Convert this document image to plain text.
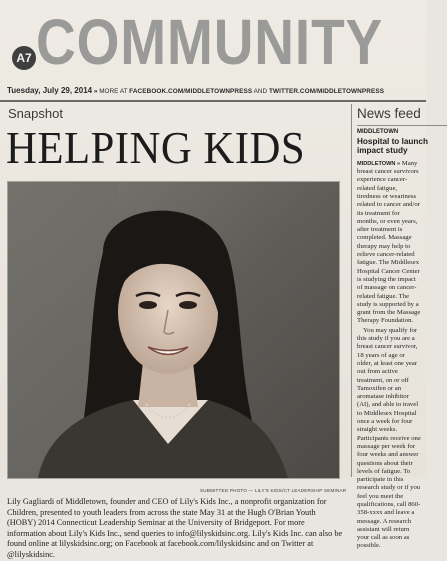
A7 COMMUNITY
Tuesday, July 29, 2014 » MORE AT FACEBOOK.COM/MIDDLETOWNPRESS AND TWITTER.COM/MIDDLETOWNPRESS
Snapshot
HELPING KIDS
SUBMITTED PHOTO — LILY'S KIDS/CT LEADERSHIP SEMINAR
Lily Gagliardi of Middletown, founder and CEO of Lily's Kids Inc., a nonprofit organization for Children, presented to youth leaders from across the state May 31 at the Hugh O'Brian Youth (HOBY) 2014 Connecticut Leadership Seminar at the University of Bridgeport. For more information about Lily's Kids Inc., send queries to info@lilyskidsinc.org. Lily's Kids Inc. can also be found online at lilyskidsinc.org; on Facebook at facebook.com/lilyskidsinc and on Twitter at @lilyskidsinc.
News feed
MIDDLETOWN
Hospital to launch impact study

MIDDLETOWN » Many breast cancer survivors experience cancer-related fatigue, tiredness or weariness related to cancer and/or its treatment for months, or even years, after treatment is completed. Massage therapy may help to relieve cancer-related fatigue. The Middlesex Hospital Cancer Center is studying the impact of massage on cancer-related fatigue. The study is supported by a grant from the Massage Therapy Foundation.

You may qualify for this study if you are a breast cancer survivor, 18 years of age or older, at least one year out from active treatment, on or off Tamoxifen or an aromatase inhibitor (AI), and able to travel to Middlesex Hospital once a week for four straight weeks. Participants receive one massage per week for four weeks and answer questions about their levels of fatigue. To participate in this research study or if you feel you meet the qualifications, call 860-358-xxxx and leave a message. A research assistant will return your call as soon as possible.
